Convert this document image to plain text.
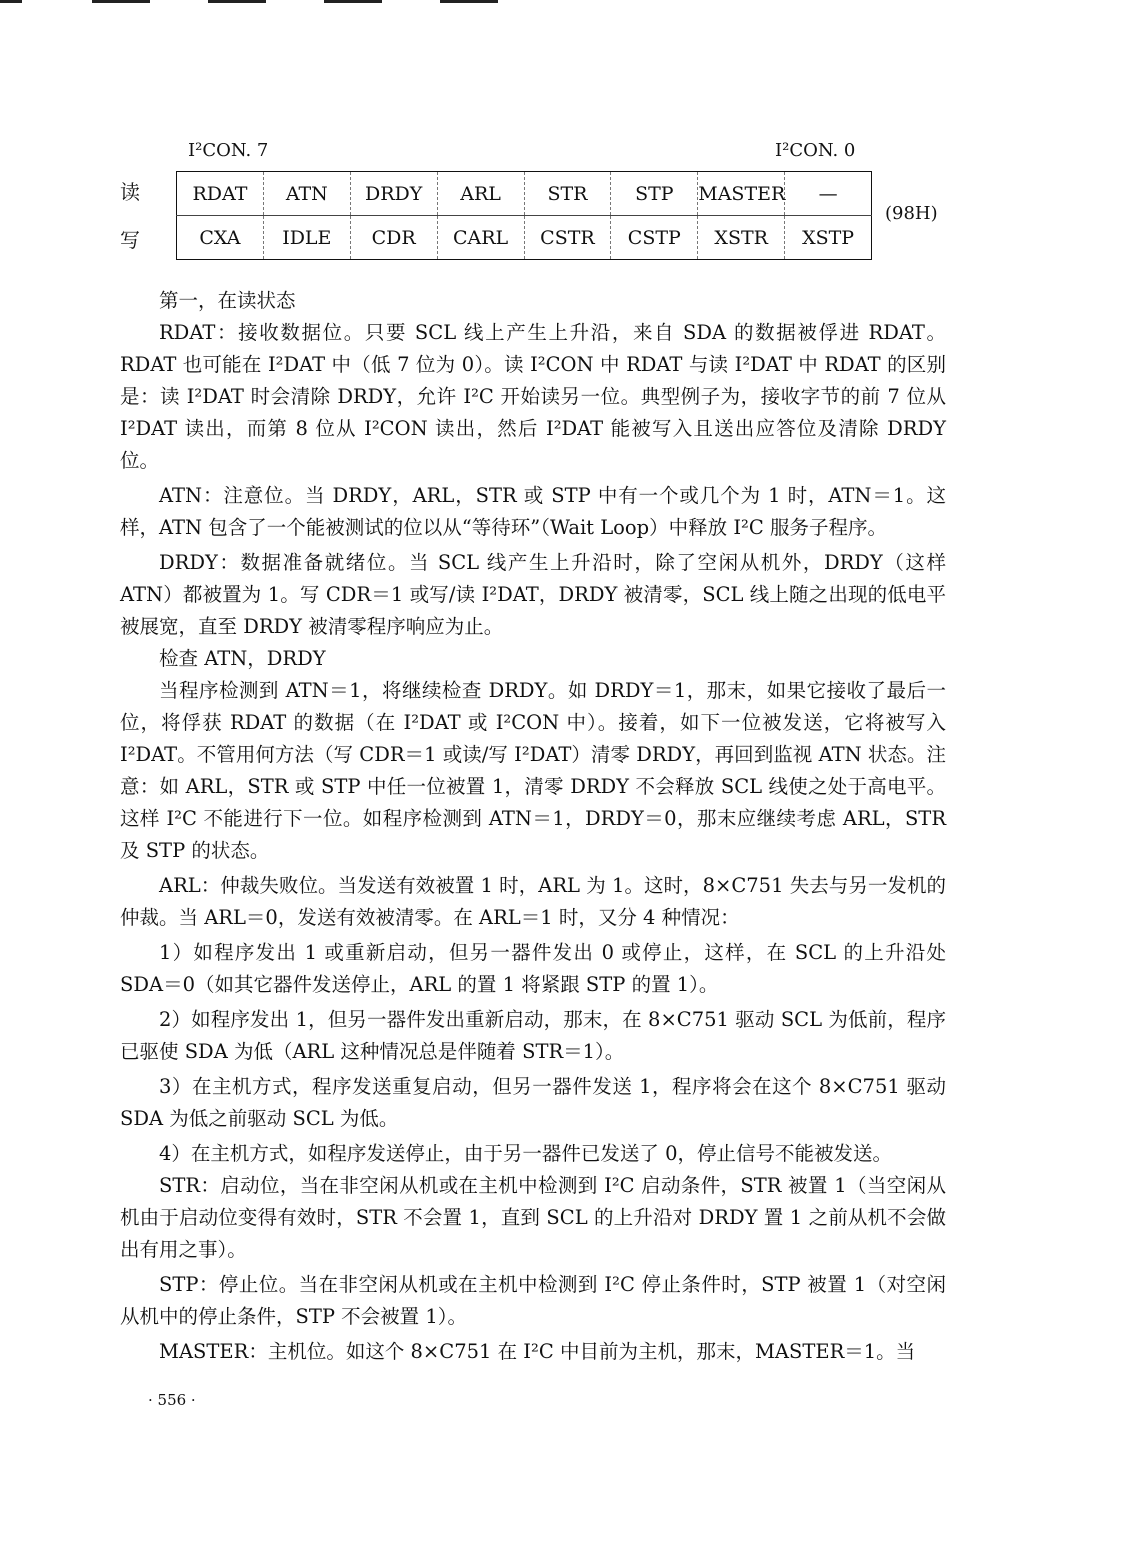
I²CON. 7	I²CON. 0
读
写
RDAT	ATN	DRDY	ARL	STR	STP	MASTER	—
CXA	IDLE	CDR	CARL	CSTR	CSTP	XSTR	XSTP
(98H)

第一，在读状态

RDAT：接收数据位。只要 SCL 线上产生上升沿，来自 SDA 的数据被俘进 RDAT。RDAT 也可能在 I²DAT 中（低 7 位为 0）。读 I²CON 中 RDAT 与读 I²DAT 中 RDAT 的区别是：读 I²DAT 时会清除 DRDY，允许 I²C 开始读另一位。典型例子为，接收字节的前 7 位从 I²DAT 读出，而第 8 位从 I²CON 读出，然后 I²DAT 能被写入且送出应答位及清除 DRDY 位。

ATN：注意位。当 DRDY，ARL，STR 或 STP 中有一个或几个为 1 时，ATN＝1。这样，ATN 包含了一个能被测试的位以从“等待环”（Wait Loop）中释放 I²C 服务子程序。

DRDY：数据准备就绪位。当 SCL 线产生上升沿时，除了空闲从机外，DRDY（这样 ATN）都被置为 1。写 CDR＝1 或写/读 I²DAT，DRDY 被清零，SCL 线上随之出现的低电平被展宽，直至 DRDY 被清零程序响应为止。

检查 ATN，DRDY

当程序检测到 ATN＝1，将继续检查 DRDY。如 DRDY＝1，那末，如果它接收了最后一位，将俘获 RDAT 的数据（在 I²DAT 或 I²CON 中）。接着，如下一位被发送，它将被写入 I²DAT。不管用何方法（写 CDR＝1 或读/写 I²DAT）清零 DRDY，再回到监视 ATN 状态。注意：如 ARL，STR 或 STP 中任一位被置 1，清零 DRDY 不会释放 SCL 线使之处于高电平。这样 I²C 不能进行下一位。如程序检测到 ATN＝1，DRDY＝0，那末应继续考虑 ARL，STR 及 STP 的状态。

ARL：仲裁失败位。当发送有效被置 1 时，ARL 为 1。这时，8×C751 失去与另一发机的仲裁。当 ARL＝0，发送有效被清零。在 ARL＝1 时，又分 4 种情况：

1）如程序发出 1 或重新启动，但另一器件发出 0 或停止，这样，在 SCL 的上升沿处 SDA＝0（如其它器件发送停止，ARL 的置 1 将紧跟 STP 的置 1）。

2）如程序发出 1，但另一器件发出重新启动，那末，在 8×C751 驱动 SCL 为低前，程序已驱使 SDA 为低（ARL 这种情况总是伴随着 STR＝1）。

3）在主机方式，程序发送重复启动，但另一器件发送 1，程序将会在这个 8×C751 驱动 SDA 为低之前驱动 SCL 为低。

4）在主机方式，如程序发送停止，由于另一器件已发送了 0，停止信号不能被发送。

STR：启动位，当在非空闲从机或在主机中检测到 I²C 启动条件，STR 被置 1（当空闲从机由于启动位变得有效时，STR 不会置 1，直到 SCL 的上升沿对 DRDY 置 1 之前从机不会做出有用之事）。

STP：停止位。当在非空闲从机或在主机中检测到 I²C 停止条件时，STP 被置 1（对空闲从机中的停止条件，STP 不会被置 1）。

MASTER：主机位。如这个 8×C751 在 I²C 中目前为主机，那末，MASTER＝1。当

· 556 ·
